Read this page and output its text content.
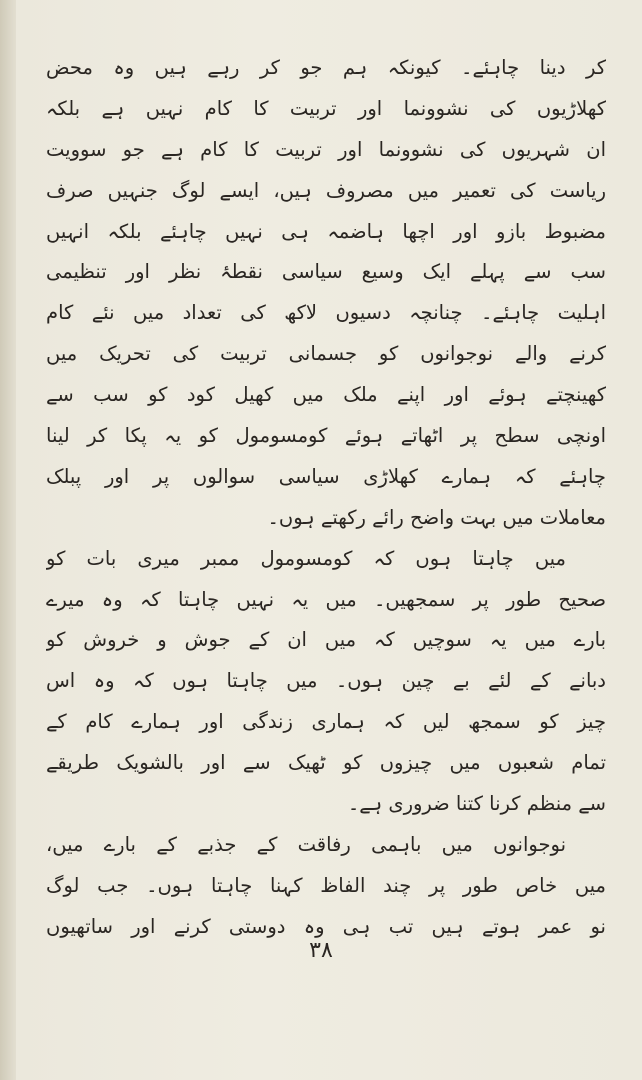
کر دینا چاہئے۔ کیونکہ ہم جو کر رہے ہیں وہ محض
کھلاڑیوں کی نشوونما اور تربیت کا کام نہیں ہے بلکہ
ان شہریوں کی نشوونما اور تربیت کا کام ہے جو سوویت
ریاست کی تعمیر میں مصروف ہیں، ایسے لوگ جنہیں صرف
مضبوط بازو اور اچھا ہاضمہ ہی نہیں چاہئے بلکہ انہیں
سب سے پہلے ایک وسیع سیاسی نقطۂ نظر اور تنظیمی
اہلیت چاہئے۔ چنانچہ دسیوں لاکھ کی تعداد میں نئے کام
کرنے والے نوجوانوں کو جسمانی تربیت کی تحریک میں
کھینچتے ہوئے اور اپنے ملک میں کھیل کود کو سب سے
اونچی سطح پر اٹھاتے ہوئے کومسومول کو یہ پکا کر لینا
چاہئے کہ ہمارے کھلاڑی سیاسی سوالوں پر اور پبلک
معاملات میں بہت واضح رائے رکھتے ہوں۔
میں چاہتا ہوں کہ کومسومول ممبر میری بات کو
صحیح طور پر سمجھیں۔ میں یہ نہیں چاہتا کہ وہ میرے
بارے میں یہ سوچیں کہ میں ان کے جوش و خروش کو
دبانے کے لئے بے چین ہوں۔ میں چاہتا ہوں کہ وہ اس
چیز کو سمجھ لیں کہ ہماری زندگی اور ہمارے کام کے
تمام شعبوں میں چیزوں کو ٹھیک سے اور بالشویک طریقے
سے منظم کرنا کتنا ضروری ہے۔
نوجوانوں میں باہمی رفاقت کے جذبے کے بارے میں،
میں خاص طور پر چند الفاظ کہنا چاہتا ہوں۔ جب لوگ
نو عمر ہوتے ہیں تب ہی وہ دوستی کرنے اور ساتھیوں
۳۸
